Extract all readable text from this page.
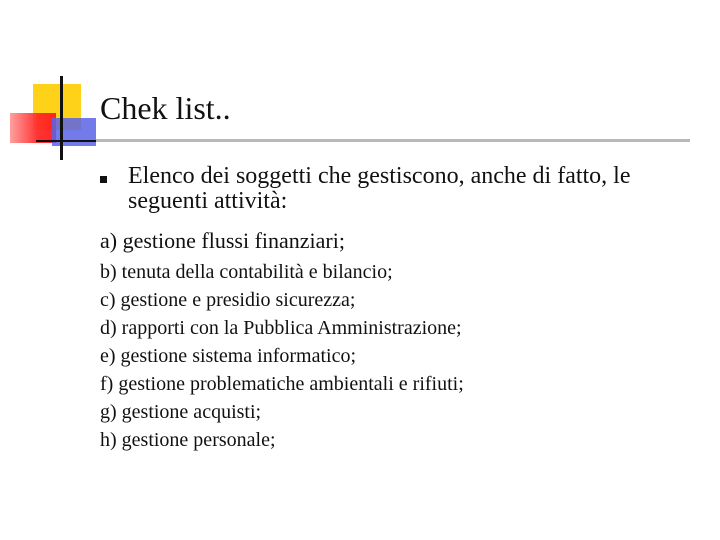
Chek list..
Elenco dei soggetti che gestiscono, anche di fatto, le seguenti attività:
a) gestione flussi finanziari;
b) tenuta della contabilità e bilancio;
c) gestione e presidio sicurezza;
d) rapporti con la Pubblica Amministrazione;
e) gestione sistema informatico;
f) gestione problematiche ambientali e rifiuti;
g) gestione acquisti;
h) gestione personale;
